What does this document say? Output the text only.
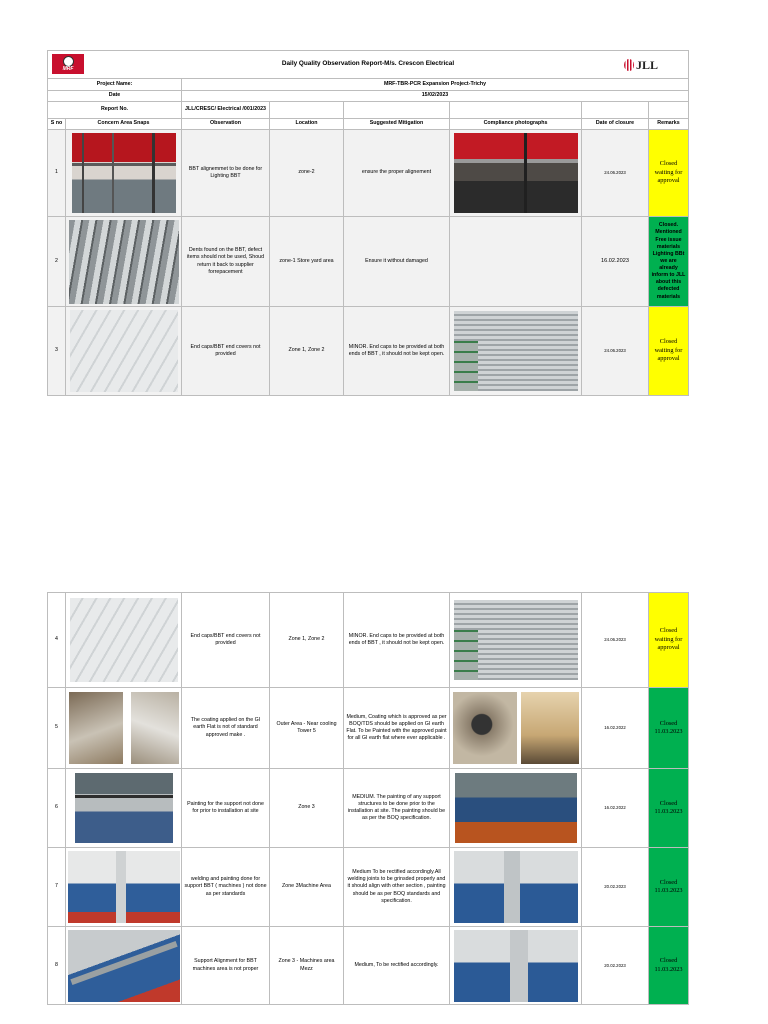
MRF
Daily Quality Observation Report-M/s. Crescon Electrical JLL							

Project Name:		MRF-TBR-PCR Expansion Project-Trichy					
Date		15/02/2023					
Report No.		JLL/CRESC/ Electrical /001/2023					
S no	Concern Area Snaps	Observation	Location	Suggested Mitigation	Compliance photographs	Date of closure	Remarks
1		BBT alignemmet to be done for Lighting BBT	zone-2	ensure the proper alignement		24.06.2023	Closed waiting for approval
2		Dents found on the BBT, defect items should not be used, Shoud return it back to supplier forrepacement	zone-1 Store yard area	Ensure it without damaged		16.02.2023	Closed. Mentioned Free issue materials Lighting BBt we are already inform to JLL about this defected materials
3		End caps/BBT end covers not provided	Zone 1, Zone 2	MINOR. End caps to be provided at both ends of BBT , it should not be kept open.		24.06.2023	Closed waiting for approval
4		End caps/BBT end covers not provided	Zone 1, Zone 2	MINOR. End caps to be provided at both ends of BBT , it should not be kept open.		24.06.2023	Closed waiting for approval
5		The coating applied on the GI earth Flat is not of standard approved make .	Outer Area - Near cooling Tower 5	Medium, Coating which is approved as per BOQ/TDS should be applied on GI earth Flat. To be Painted with the approved paint for all GI earth flat where ever applicable .		16.02.2022	Closed 11.03.2023
6		Painting for the support not done for prior to installation at site	Zone 3	MEDIUM. The painting of any support structures to be done prior to the installation at site. The painting should be as per the BOQ specification.		16.02.2022	Closed 11.03.2023
7		welding and painting done for support BBT ( machines ) not done as per standards	Zone 3Machine Area	Medium To be rectified accordingly.All welding joints to be grinsded properly and it should align with other section , painting should be as per BOQ standards and specification.		20.02.2023	Closed 11.03.2023
8		Support Alignment for BBT machines area is not proper	Zone 3 - Machines area Mezz	Medium, To be rectified accordingly.		20.02.2023	Closed 11.03.2023
